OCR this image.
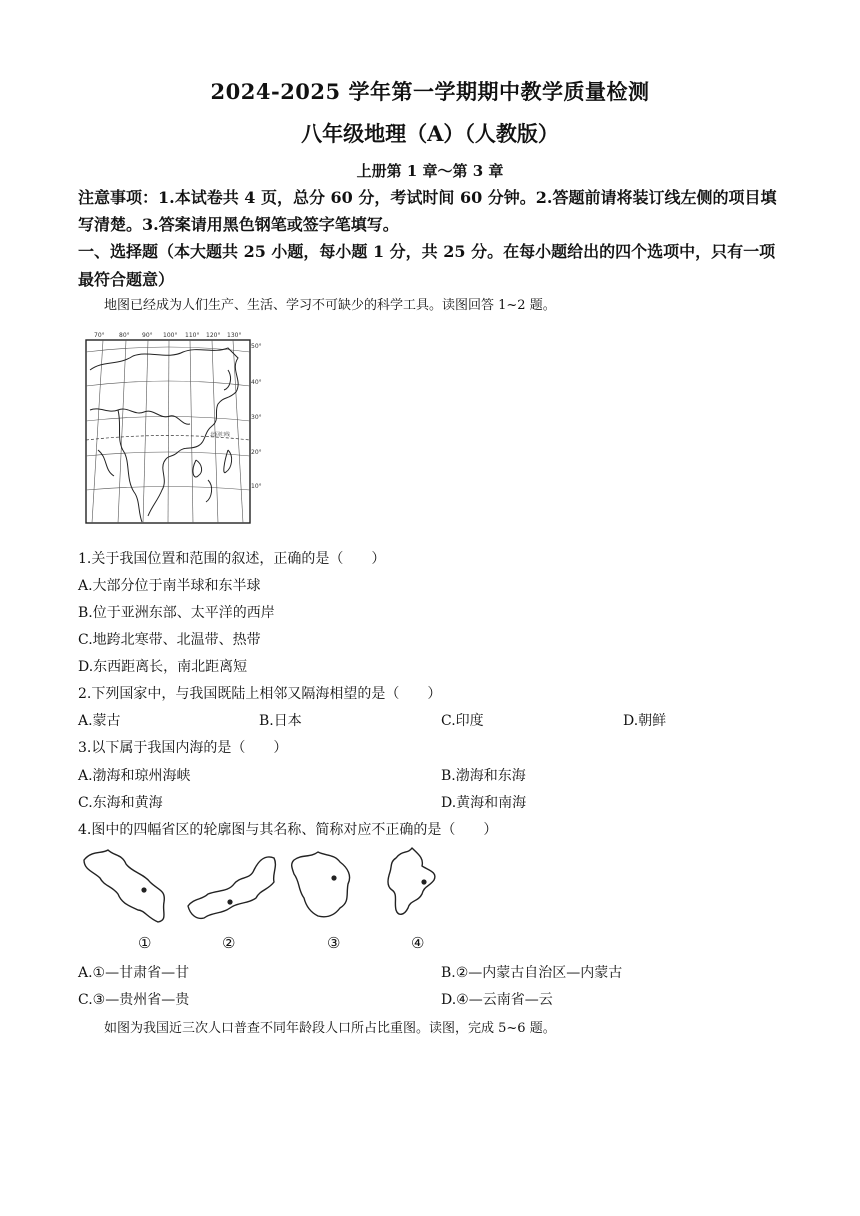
2024-2025 学年第一学期期中教学质量检测
八年级地理（A）（人教版）
上册第 1 章～第 3 章
注意事项：1.本试卷共 4 页，总分 60 分，考试时间 60 分钟。2.答题前请将装订线左侧的项目填写清楚。3.答案请用黑色钢笔或签字笔填写。
一、选择题（本大题共 25 小题，每小题 1 分，共 25 分。在每小题给出的四个选项中，只有一项最符合题意）
地图已经成为人们生产、生活、学习不可缺少的科学工具。读图回答 1~2 题。
70° 80° 90° 100° 110° 120° 130°
50°
40°
30°
20°
10°
北回归线
1.关于我国位置和范围的叙述，正确的是（　　）
A.大部分位于南半球和东半球
B.位于亚洲东部、太平洋的西岸
C.地跨北寒带、北温带、热带
D.东西距离长，南北距离短
2.下列国家中，与我国既陆上相邻又隔海相望的是（　　）
A.蒙古	B.日本	C.印度	D.朝鲜
3.以下属于我国内海的是（　　）
A.渤海和琼州海峡	B.渤海和东海
C.东海和黄海	D.黄海和南海
4.图中的四幅省区的轮廓图与其名称、简称对应不正确的是（　　）
①	②	③	④
A.①—甘肃省—甘	B.②—内蒙古自治区—内蒙古
C.③—贵州省—贵	D.④—云南省—云
如图为我国近三次人口普查不同年龄段人口所占比重图。读图，完成 5~6 题。
